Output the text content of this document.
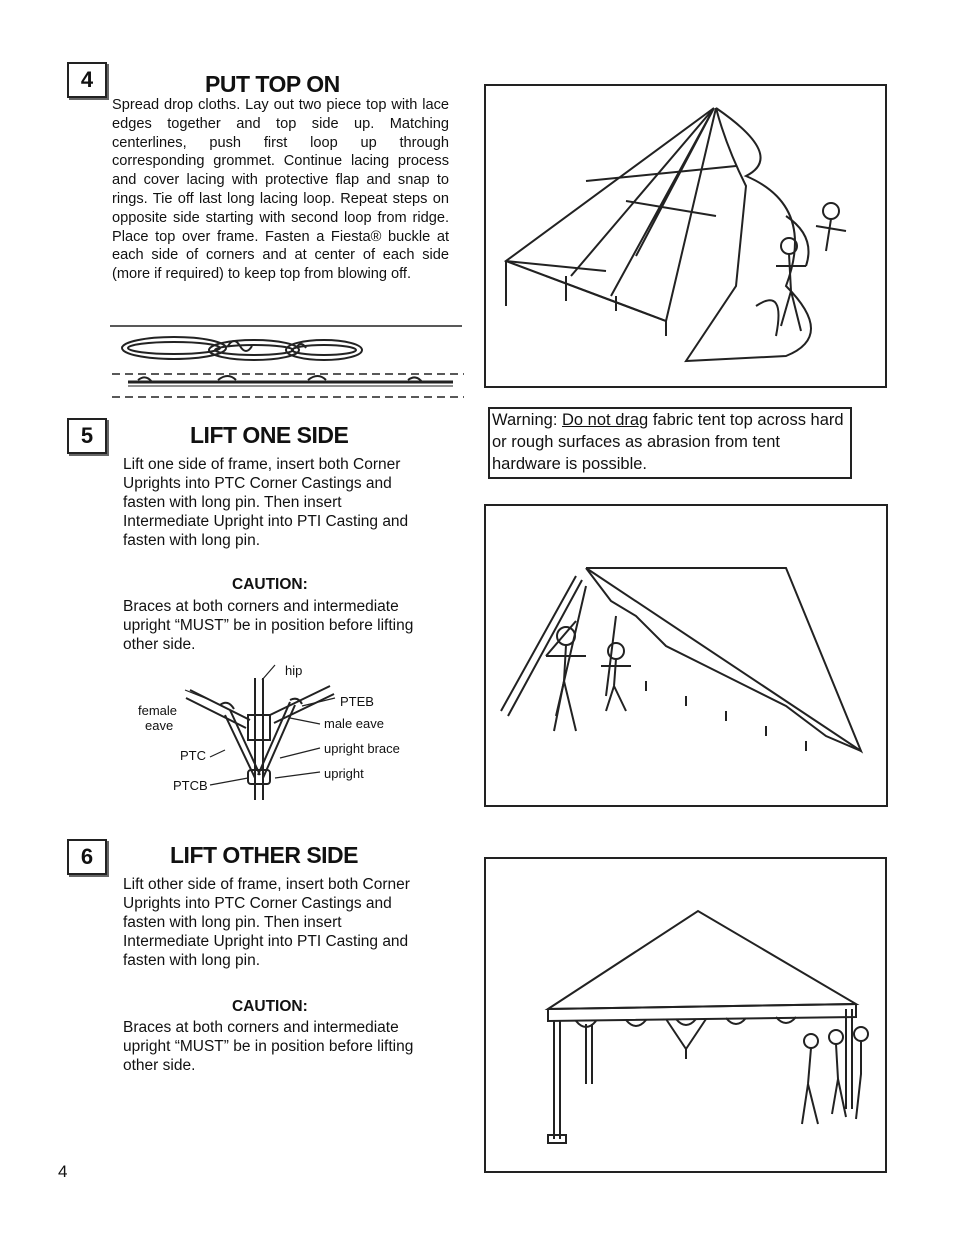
4	PUT TOP ON
Spread drop cloths. Lay out two piece top with lace edges together and top side up. Matching centerlines, push first loop up through corresponding grommet. Continue lacing process and cover lacing with protective flap and snap to rings. Tie off last long lacing loop. Repeat steps on opposite side starting with second loop from ridge. Place top over frame. Fasten a Fiesta® buckle at each side of corners and at center of each side (more if required) to keep top from blowing off.
Warning: Do not drag fabric tent top across hard or rough surfaces as abrasion from tent hardware is possible.
5	LIFT ONE SIDE
Lift one side of frame, insert both Corner Uprights into PTC Corner Castings and fasten with long pin. Then insert Intermediate Upright into PTI Casting and fasten with long pin.
CAUTION:
Braces at both corners and intermediate upright “MUST” be in position before lifting other side.
hip
female
eave
PTEB
male eave
PTC	upright brace
PTCB
upright
6	LIFT OTHER SIDE
Lift other side of frame, insert both Corner Uprights into PTC Corner Castings and fasten with long pin. Then insert Intermediate Upright into PTI Casting and fasten with long pin.
CAUTION:
Braces at both corners and intermediate upright “MUST” be in position before lifting other side.
4
